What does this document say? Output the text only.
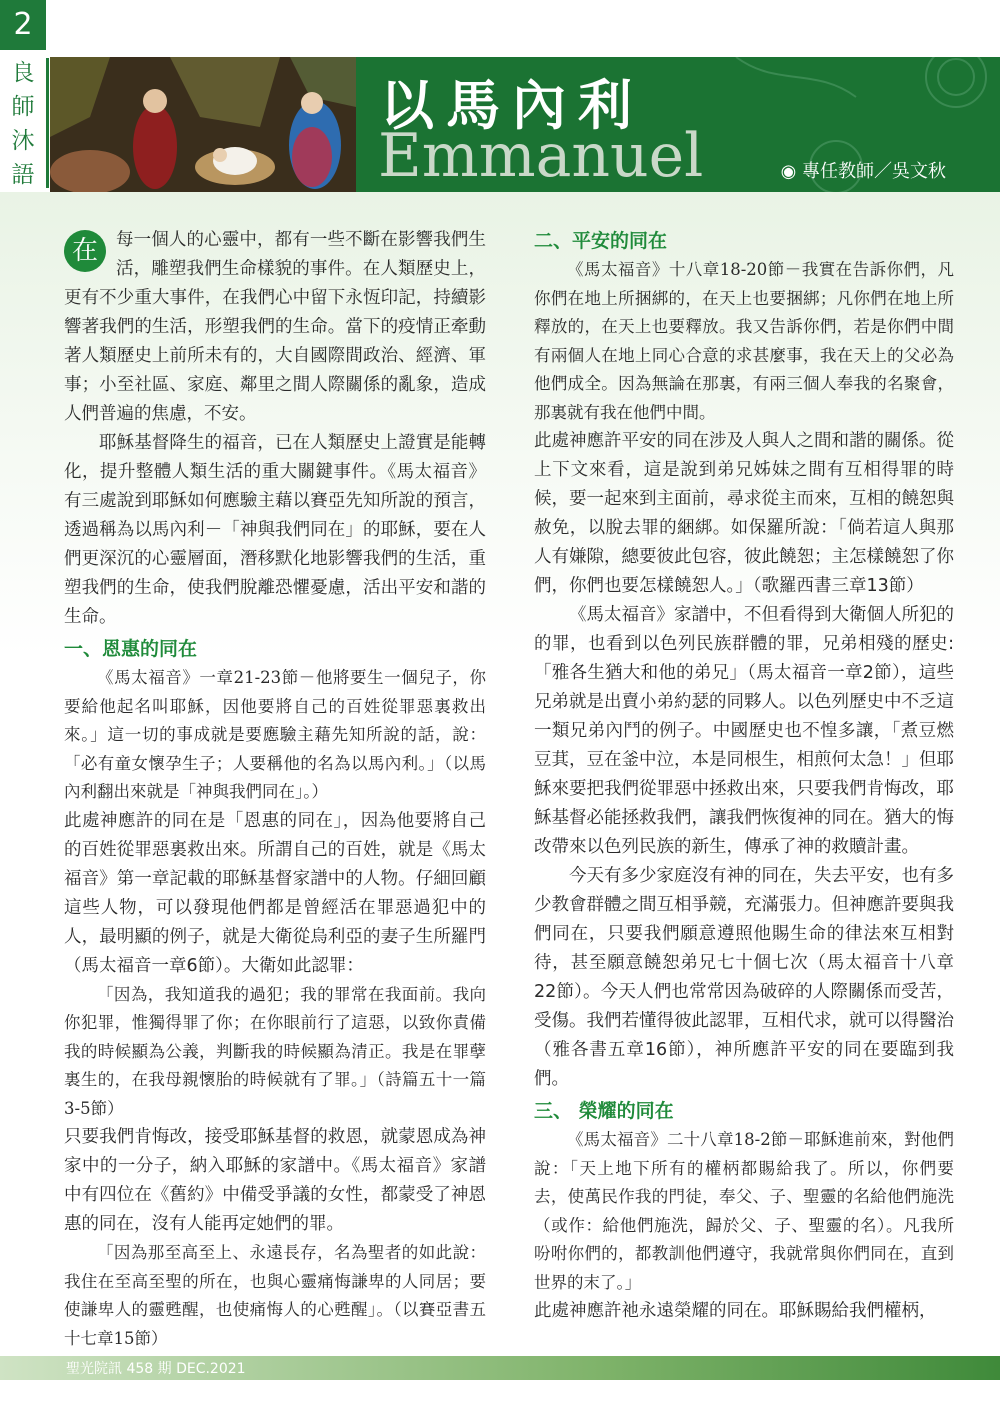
2
良
師
沐
語
以馬內利
Emmanuel	◉ 專任教師／吳文秋

在	每一個人的心靈中，都有一些不斷在影響我們生活，雕塑我們生命樣貌的事件。在人類歷史上，更有不少重大事件，在我們心中留下永恆印記，持續影響著我們的生活，形塑我們的生命。當下的疫情正牽動著人類歷史上前所未有的，大自國際間政治、經濟、軍事；小至社區、家庭、鄰里之間人際關係的亂象，造成人們普遍的焦慮，不安。

耶穌基督降生的福音，已在人類歷史上證實是能轉化，提升整體人類生活的重大關鍵事件。《馬太福音》有三處說到耶穌如何應驗主藉以賽亞先知所說的預言，透過稱為以馬內利－「神與我們同在」的耶穌，要在人們更深沉的心靈層面，潛移默化地影響我們的生活，重塑我們的生命，使我們脫離恐懼憂慮，活出平安和諧的生命。

一、恩惠的同在

《馬太福音》一章21-23節－他將要生一個兒子，你要給他起名叫耶穌，因他要將自己的百姓從罪惡裏救出來。」這一切的事成就是要應驗主藉先知所說的話，說：「必有童女懷孕生子；人要稱他的名為以馬內利。」（以馬內利翻出來就是「神與我們同在」。）

此處神應許的同在是「恩惠的同在」，因為他要將自己的百姓從罪惡裏救出來。所謂自己的百姓，就是《馬太福音》第一章記載的耶穌基督家譜中的人物。仔細回顧這些人物，可以發現他們都是曾經活在罪惡過犯中的人，最明顯的例子，就是大衛從烏利亞的妻子生所羅門（馬太福音一章6節）。大衛如此認罪：

「因為，我知道我的過犯；我的罪常在我面前。我向你犯罪，惟獨得罪了你；在你眼前行了這惡，以致你責備我的時候顯為公義，判斷我的時候顯為清正。我是在罪孽裏生的，在我母親懷胎的時候就有了罪。」（詩篇五十一篇3-5節）

只要我們肯悔改，接受耶穌基督的救恩，就蒙恩成為神家中的一分子，納入耶穌的家譜中。《馬太福音》家譜中有四位在《舊約》中備受爭議的女性，都蒙受了神恩惠的同在，沒有人能再定她們的罪。

「因為那至高至上、永遠長存，名為聖者的如此說：我住在至高至聖的所在，也與心靈痛悔謙卑的人同居；要使謙卑人的靈甦醒，也使痛悔人的心甦醒」。（以賽亞書五十七章15節）

二、平安的同在

《馬太福音》十八章18-20節－我實在告訴你們，凡你們在地上所捆綁的，在天上也要捆綁；凡你們在地上所釋放的，在天上也要釋放。我又告訴你們，若是你們中間有兩個人在地上同心合意的求甚麼事，我在天上的父必為他們成全。因為無論在那裏，有兩三個人奉我的名聚會，那裏就有我在他們中間。

此處神應許平安的同在涉及人與人之間和諧的關係。從上下文來看，這是說到弟兄姊妹之間有互相得罪的時候，要一起來到主面前，尋求從主而來，互相的饒恕與赦免，以脫去罪的綑綁。如保羅所說：「倘若這人與那人有嫌隙，總要彼此包容，彼此饒恕；主怎樣饒恕了你們，你們也要怎樣饒恕人。」（歌羅西書三章13節）

《馬太福音》家譜中，不但看得到大衛個人所犯的的罪，也看到以色列民族群體的罪，兄弟相殘的歷史:「雅各生猶大和他的弟兄」（馬太福音一章2節），這些兄弟就是出賣小弟約瑟的同夥人。以色列歷史中不乏這一類兄弟內鬥的例子。中國歷史也不惶多讓，「煮豆燃豆萁，豆在釜中泣，本是同根生，相煎何太急！」但耶穌來要把我們從罪惡中拯救出來，只要我們肯悔改，耶穌基督必能拯救我們，讓我們恢復神的同在。猶大的悔改帶來以色列民族的新生，傳承了神的救贖計畫。

今天有多少家庭沒有神的同在，失去平安，也有多少教會群體之間互相爭競，充滿張力。但神應許要與我們同在，只要我們願意遵照他賜生命的律法來互相對待，甚至願意饒恕弟兄七十個七次（馬太福音十八章22節）。今天人們也常常因為破碎的人際關係而受苦，受傷。我們若懂得彼此認罪，互相代求，就可以得醫治（雅各書五章16節），神所應許平安的同在要臨到我們。

三、 榮耀的同在

《馬太福音》二十八章18-2節－耶穌進前來，對他們說：「天上地下所有的權柄都賜給我了。所以，你們要去，使萬民作我的門徒，奉父、子、聖靈的名給他們施洗（或作：給他們施洗，歸於父、子、聖靈的名）。凡我所吩咐你們的，都教訓他們遵守，我就常與你們同在，直到世界的末了。」

此處神應許祂永遠榮耀的同在。耶穌賜給我們權柄，

聖光院訊 458 期 DEC.2021
